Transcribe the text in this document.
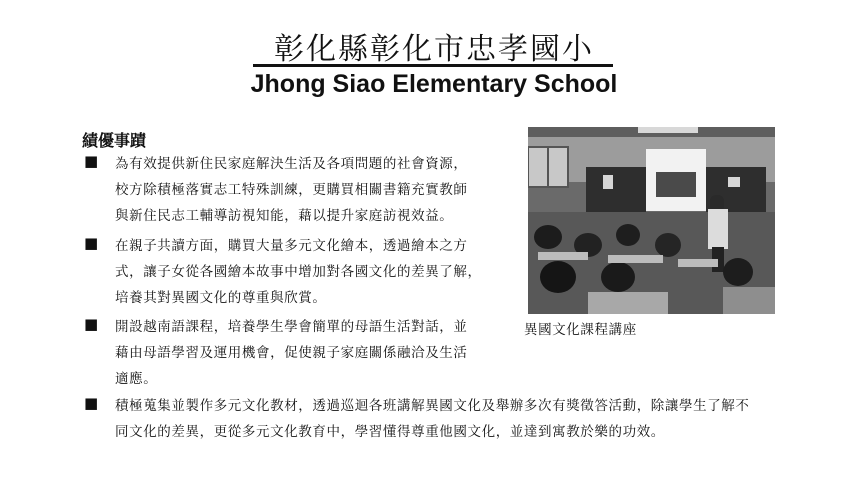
彰化縣彰化市忠孝國小
Jhong Siao Elementary School
績優事蹟
■ 為有效提供新住民家庭解決生活及各項問題的社會資源，
校方除積極落實志工特殊訓練，更購買相關書籍充實教師
與新住民志工輔導訪視知能，藉以提升家庭訪視效益。
■ 在親子共讀方面，購買大量多元文化繪本，透過繪本之方
式，讓子女從各國繪本故事中增加對各國文化的差異了解，
培養其對異國文化的尊重與欣賞。
■ 開設越南語課程，培養學生學會簡單的母語生活對話，並
藉由母語學習及運用機會，促使親子家庭關係融洽及生活
適應。
■ 積極蒐集並製作多元文化教材，透過巡迴各班講解異國文化及舉辦多次有獎徵答活動，除讓學生了解不
同文化的差異，更從多元文化教育中，學習懂得尊重他國文化，並達到寓教於樂的功效。
異國文化課程講座
